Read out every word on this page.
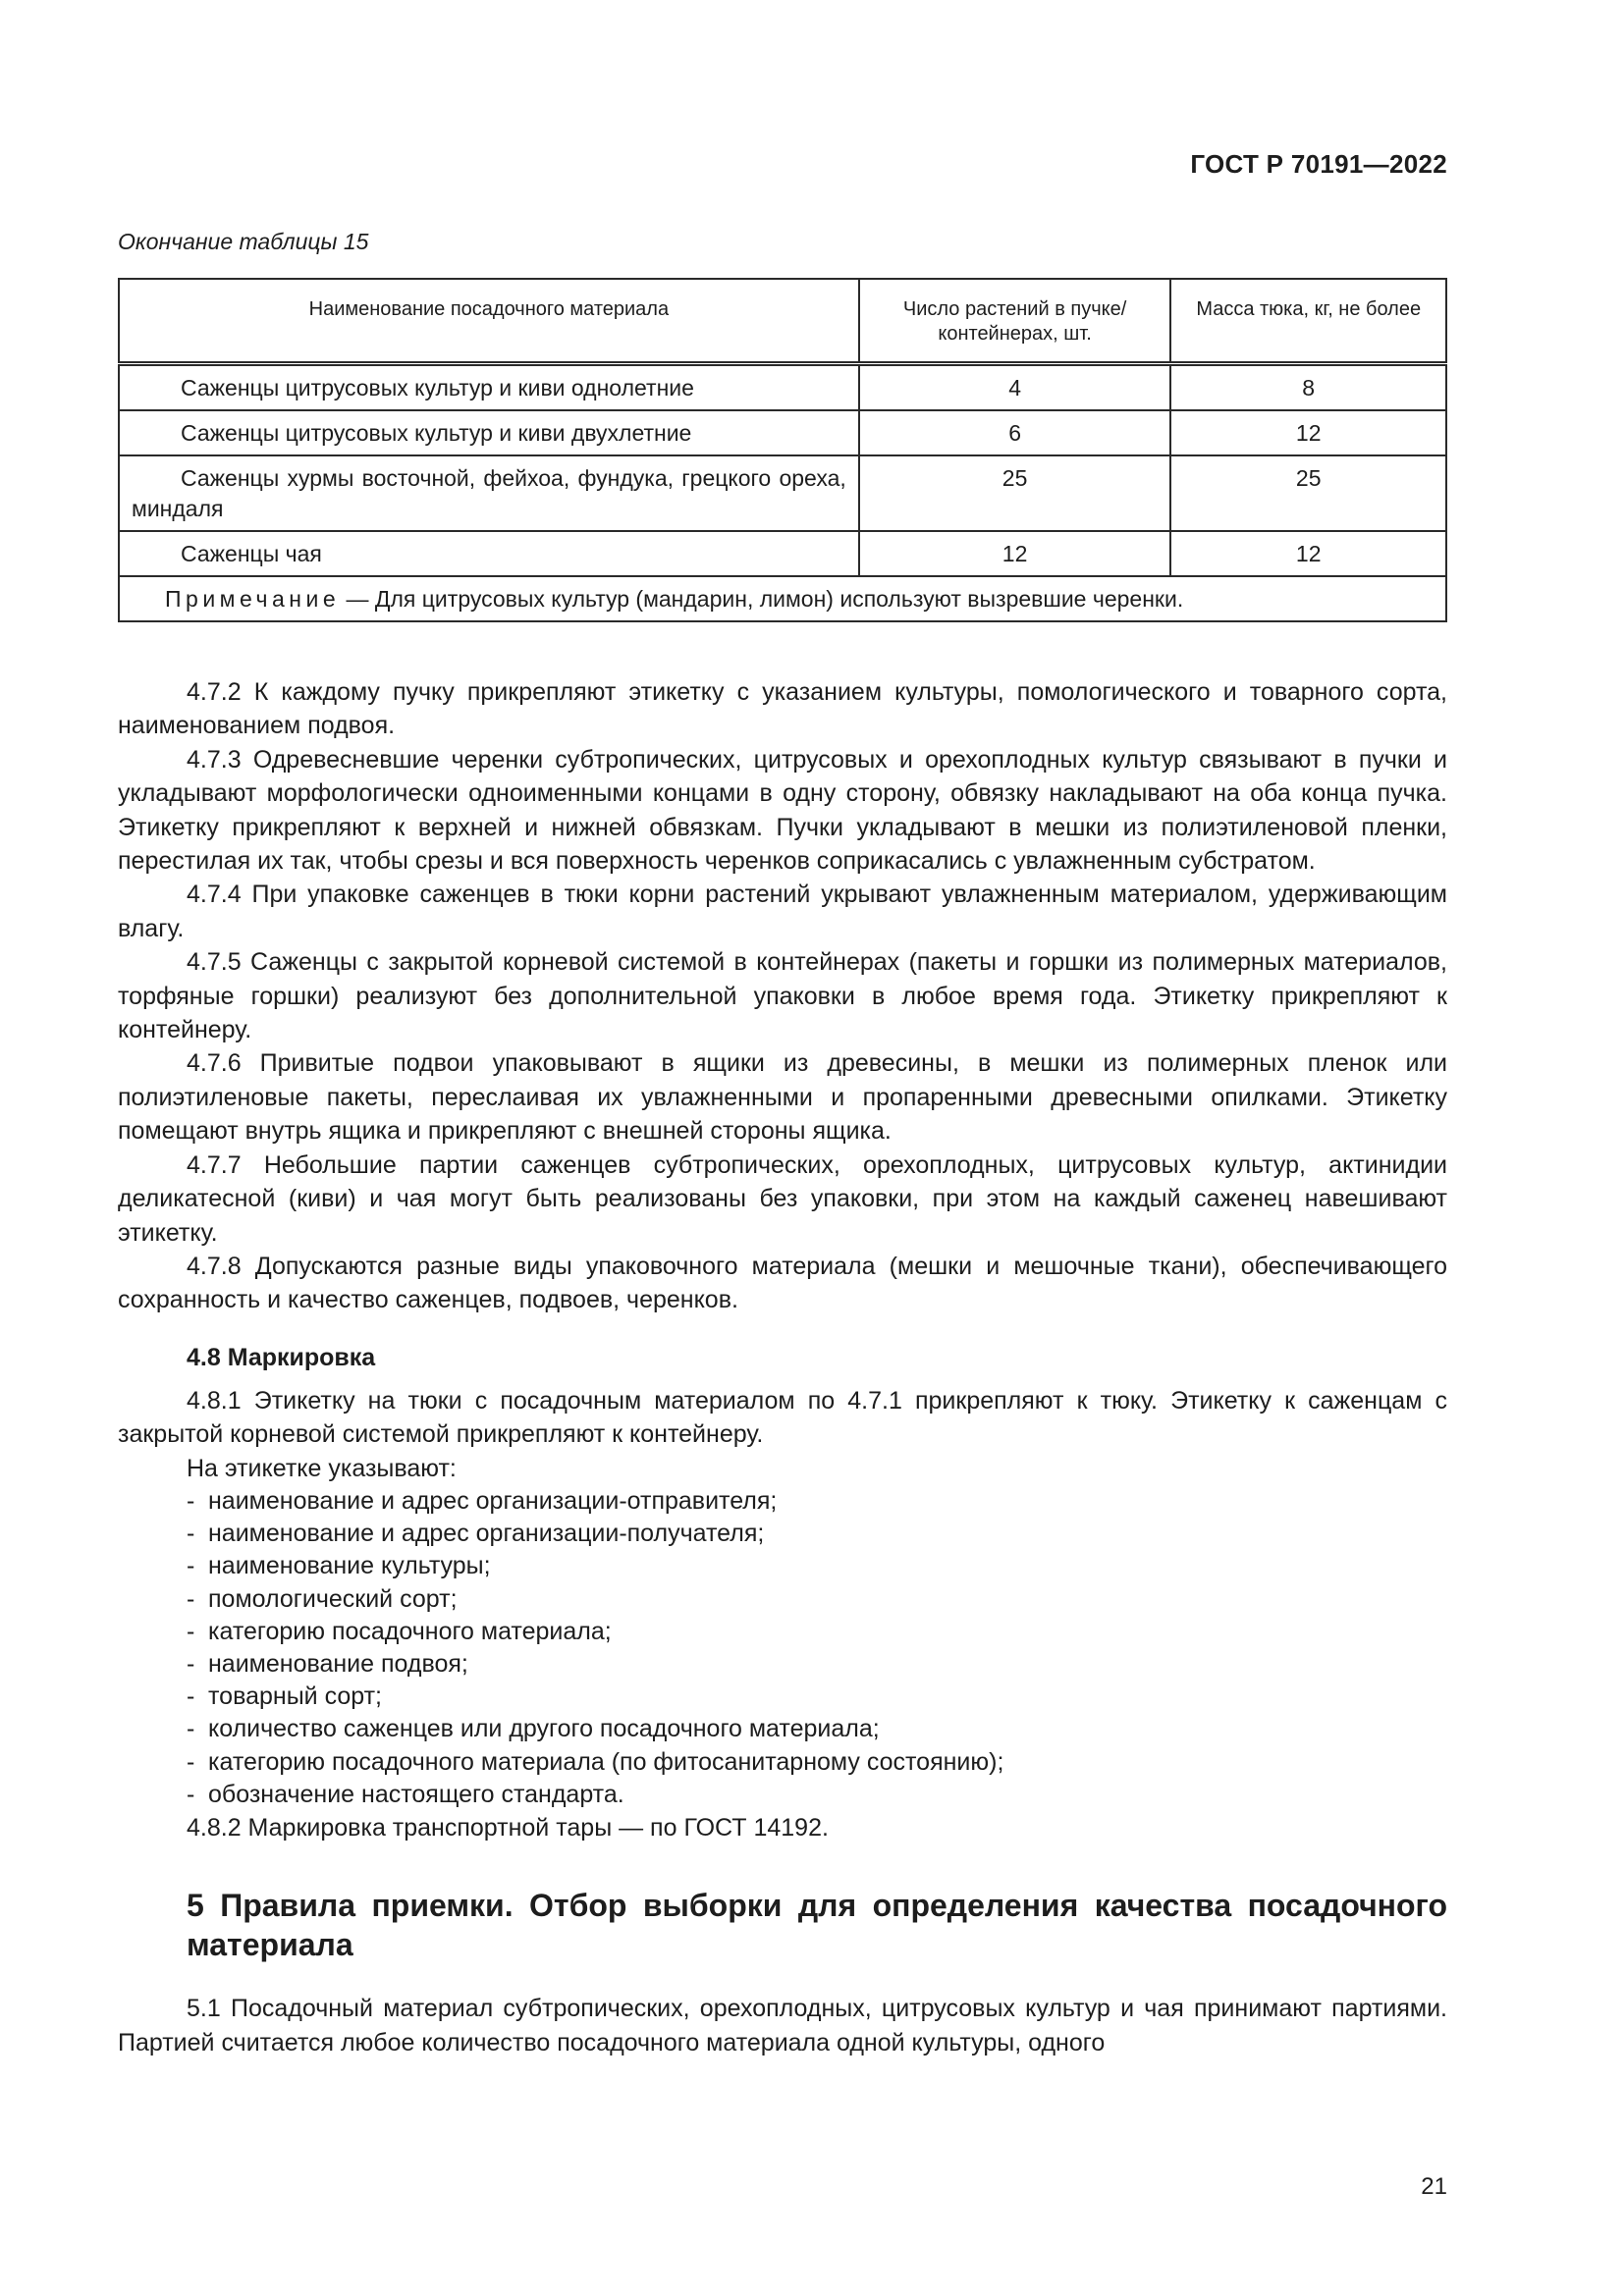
ГОСТ Р 70191—2022
Окончание таблицы 15
Наименование посадочного материала	Число растений в пучке/ контейнерах, шт.	Масса тюка, кг, не более
Саженцы цитрусовых культур и киви однолетние	4	8
Саженцы цитрусовых культур и киви двухлетние	6	12
Саженцы хурмы восточной, фейхоа, фундука, грецкого ореха, миндаля	25	25
Саженцы чая	12	12
Примечание — Для цитрусовых культур (мандарин, лимон) используют вызревшие черенки.		

4.7.2 К каждому пучку прикрепляют этикетку с указанием культуры, помологического и товарного сорта, наименованием подвоя.

4.7.3 Одревесневшие черенки субтропических, цитрусовых и орехоплодных культур связывают в пучки и укладывают морфологически одноименными концами в одну сторону, обвязку накладывают на оба конца пучка. Этикетку прикрепляют к верхней и нижней обвязкам. Пучки укладывают в мешки из полиэтиленовой пленки, перестилая их так, чтобы срезы и вся поверхность черенков соприкасались с увлажненным субстратом.

4.7.4 При упаковке саженцев в тюки корни растений укрывают увлажненным материалом, удерживающим влагу.

4.7.5 Саженцы с закрытой корневой системой в контейнерах (пакеты и горшки из полимерных материалов, торфяные горшки) реализуют без дополнительной упаковки в любое время года. Этикетку прикрепляют к контейнеру.

4.7.6 Привитые подвои упаковывают в ящики из древесины, в мешки из полимерных пленок или полиэтиленовые пакеты, переслаивая их увлажненными и пропаренными древесными опилками. Этикетку помещают внутрь ящика и прикрепляют с внешней стороны ящика.

4.7.7 Небольшие партии саженцев субтропических, орехоплодных, цитрусовых культур, актинидии деликатесной (киви) и чая могут быть реализованы без упаковки, при этом на каждый саженец навешивают этикетку.

4.7.8 Допускаются разные виды упаковочного материала (мешки и мешочные ткани), обеспечивающего сохранность и качество саженцев, подвоев, черенков.

4.8 Маркировка

4.8.1 Этикетку на тюки с посадочным материалом по 4.7.1 прикрепляют к тюку. Этикетку к саженцам с закрытой корневой системой прикрепляют к контейнеру.

На этикетке указывают:

- наименование и адрес организации-отправителя;
- наименование и адрес организации-получателя;
- наименование культуры;
- помологический сорт;
- категорию посадочного материала;
- наименование подвоя;
- товарный сорт;
- количество саженцев или другого посадочного материала;
- категорию посадочного материала (по фитосанитарному состоянию);
- обозначение настоящего стандарта.

4.8.2 Маркировка транспортной тары — по ГОСТ 14192.

5 Правила приемки. Отбор выборки для определения качества посадочного материала

5.1 Посадочный материал субтропических, орехоплодных, цитрусовых культур и чая принимают партиями. Партией считается любое количество посадочного материала одной культуры, одного

21
